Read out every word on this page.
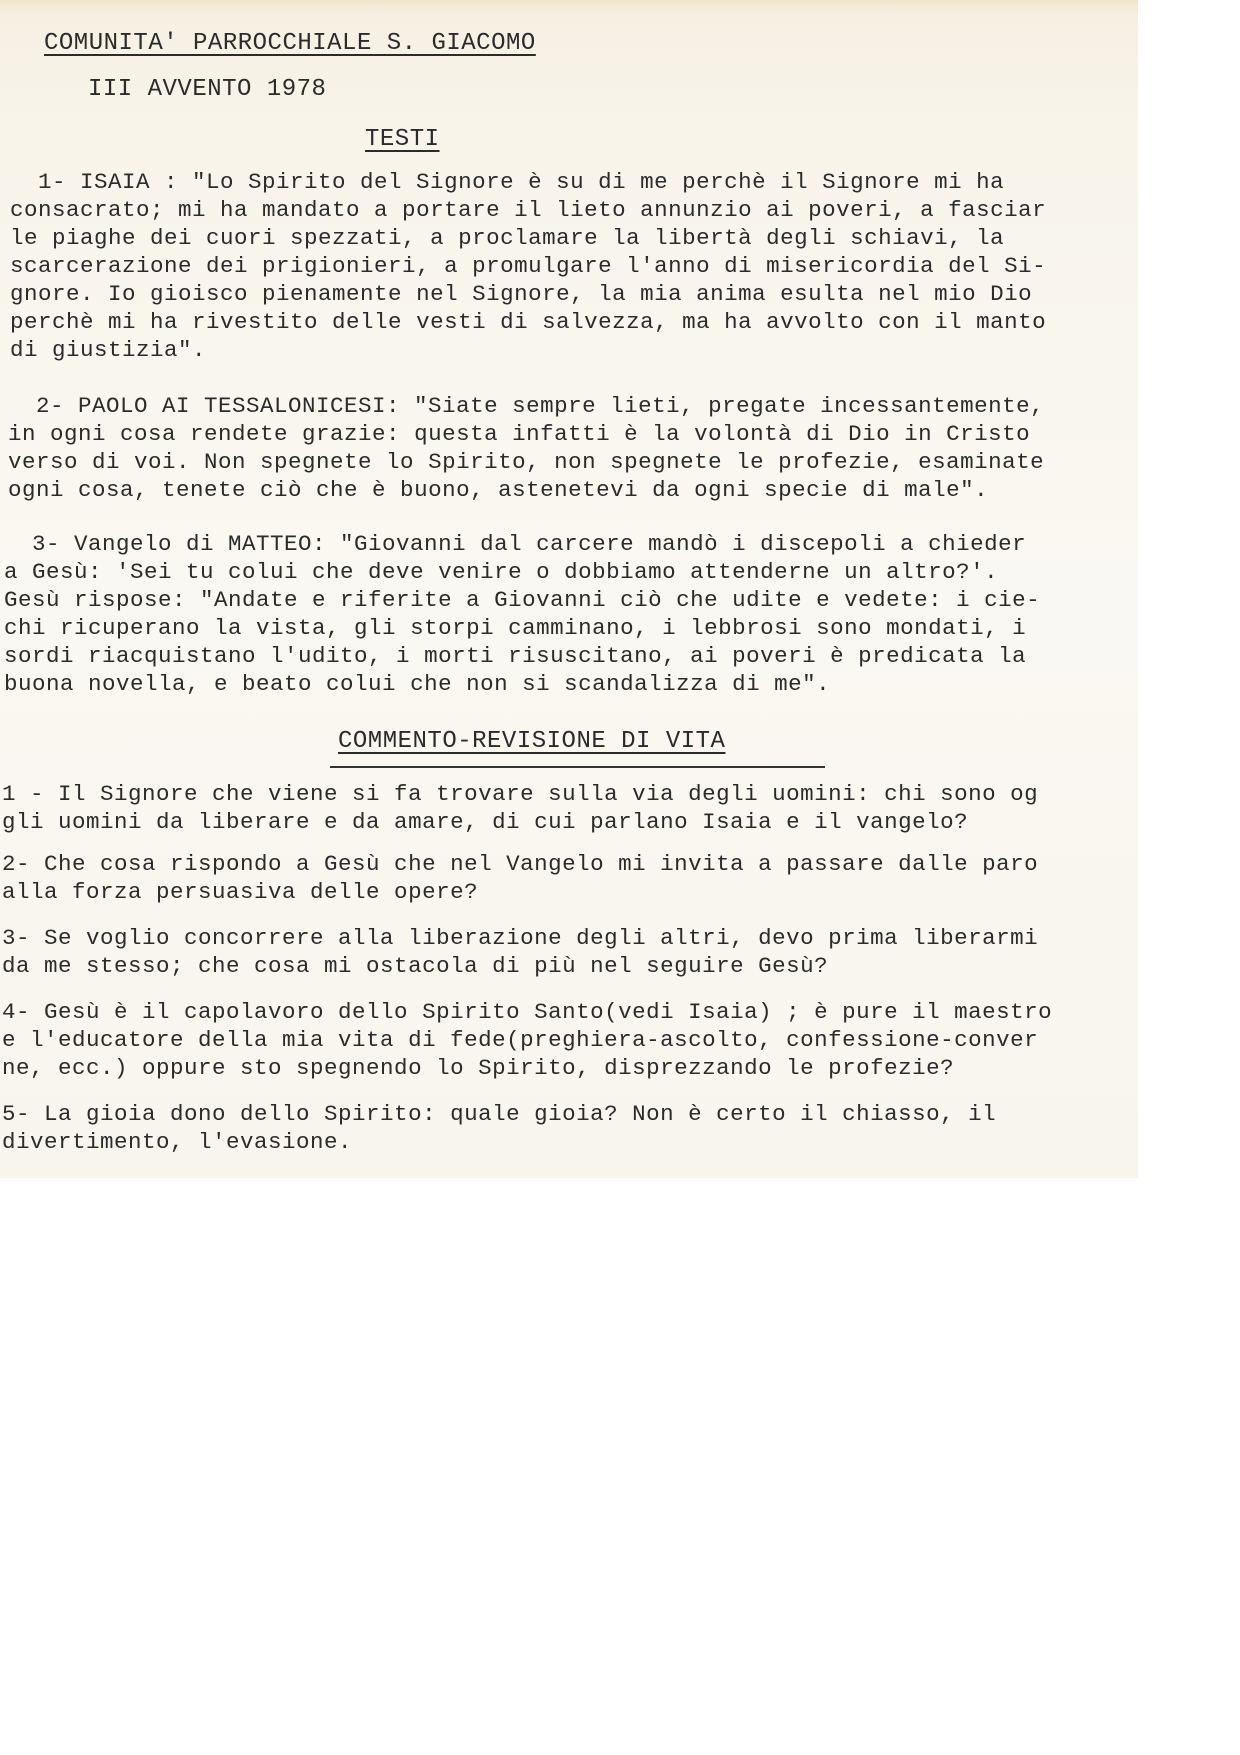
COMUNITA' PARROCCHIALE S. GIACOMO
III AVVENTO 1978
TESTI
1- ISAIA : "Lo Spirito del Signore è su di me perchè il Signore mi ha
consacrato; mi ha mandato a portare il lieto annunzio ai poveri, a fasciar
le piaghe dei cuori spezzati, a proclamare la libertà degli schiavi, la
scarcerazione dei prigionieri, a promulgare l'anno di misericordia del Si-
gnore. Io gioisco pienamente nel Signore, la mia anima esulta nel mio Dio
perchè mi ha rivestito delle vesti di salvezza, ma ha avvolto con il manto
di giustizia".
2- PAOLO AI TESSALONICESI: "Siate sempre lieti, pregate incessantemente,
in ogni cosa rendete grazie: questa infatti è la volontà di Dio in Cristo
verso di voi. Non spegnete lo Spirito, non spegnete le profezie, esaminate
ogni cosa, tenete ciò che è buono, astenetevi da ogni specie di male".
3- Vangelo di MATTEO: "Giovanni dal carcere mandò i discepoli a chieder
a Gesù: 'Sei tu colui che deve venire o dobbiamo attenderne un altro?'.
Gesù rispose: "Andate e riferite a Giovanni ciò che udite e vedete: i cie-
chi ricuperano la vista, gli storpi camminano, i lebbrosi sono mondati, i
sordi riacquistano l'udito, i morti risuscitano, ai poveri è predicata la
buona novella, e beato colui che non si scandalizza di me".
COMMENTO-REVISIONE DI VITA
1 - Il Signore che viene si fa trovare sulla via degli uomini: chi sono og
gli uomini da liberare e da amare, di cui parlano Isaia e il vangelo?
2- Che cosa rispondo a Gesù che nel Vangelo mi invita a passare dalle paro
alla forza persuasiva delle opere?
3- Se voglio concorrere alla liberazione degli altri, devo prima liberarmi
da me stesso; che cosa mi ostacola di più nel seguire Gesù?
4- Gesù è il capolavoro dello Spirito Santo(vedi Isaia) ; è pure il maestro
e l'educatore della mia vita di fede(preghiera-ascolto, confessione-conver
ne, ecc.) oppure sto spegnendo lo Spirito, disprezzando le profezie?
5- La gioia dono dello Spirito: quale gioia? Non è certo il chiasso, il
divertimento, l'evasione.
